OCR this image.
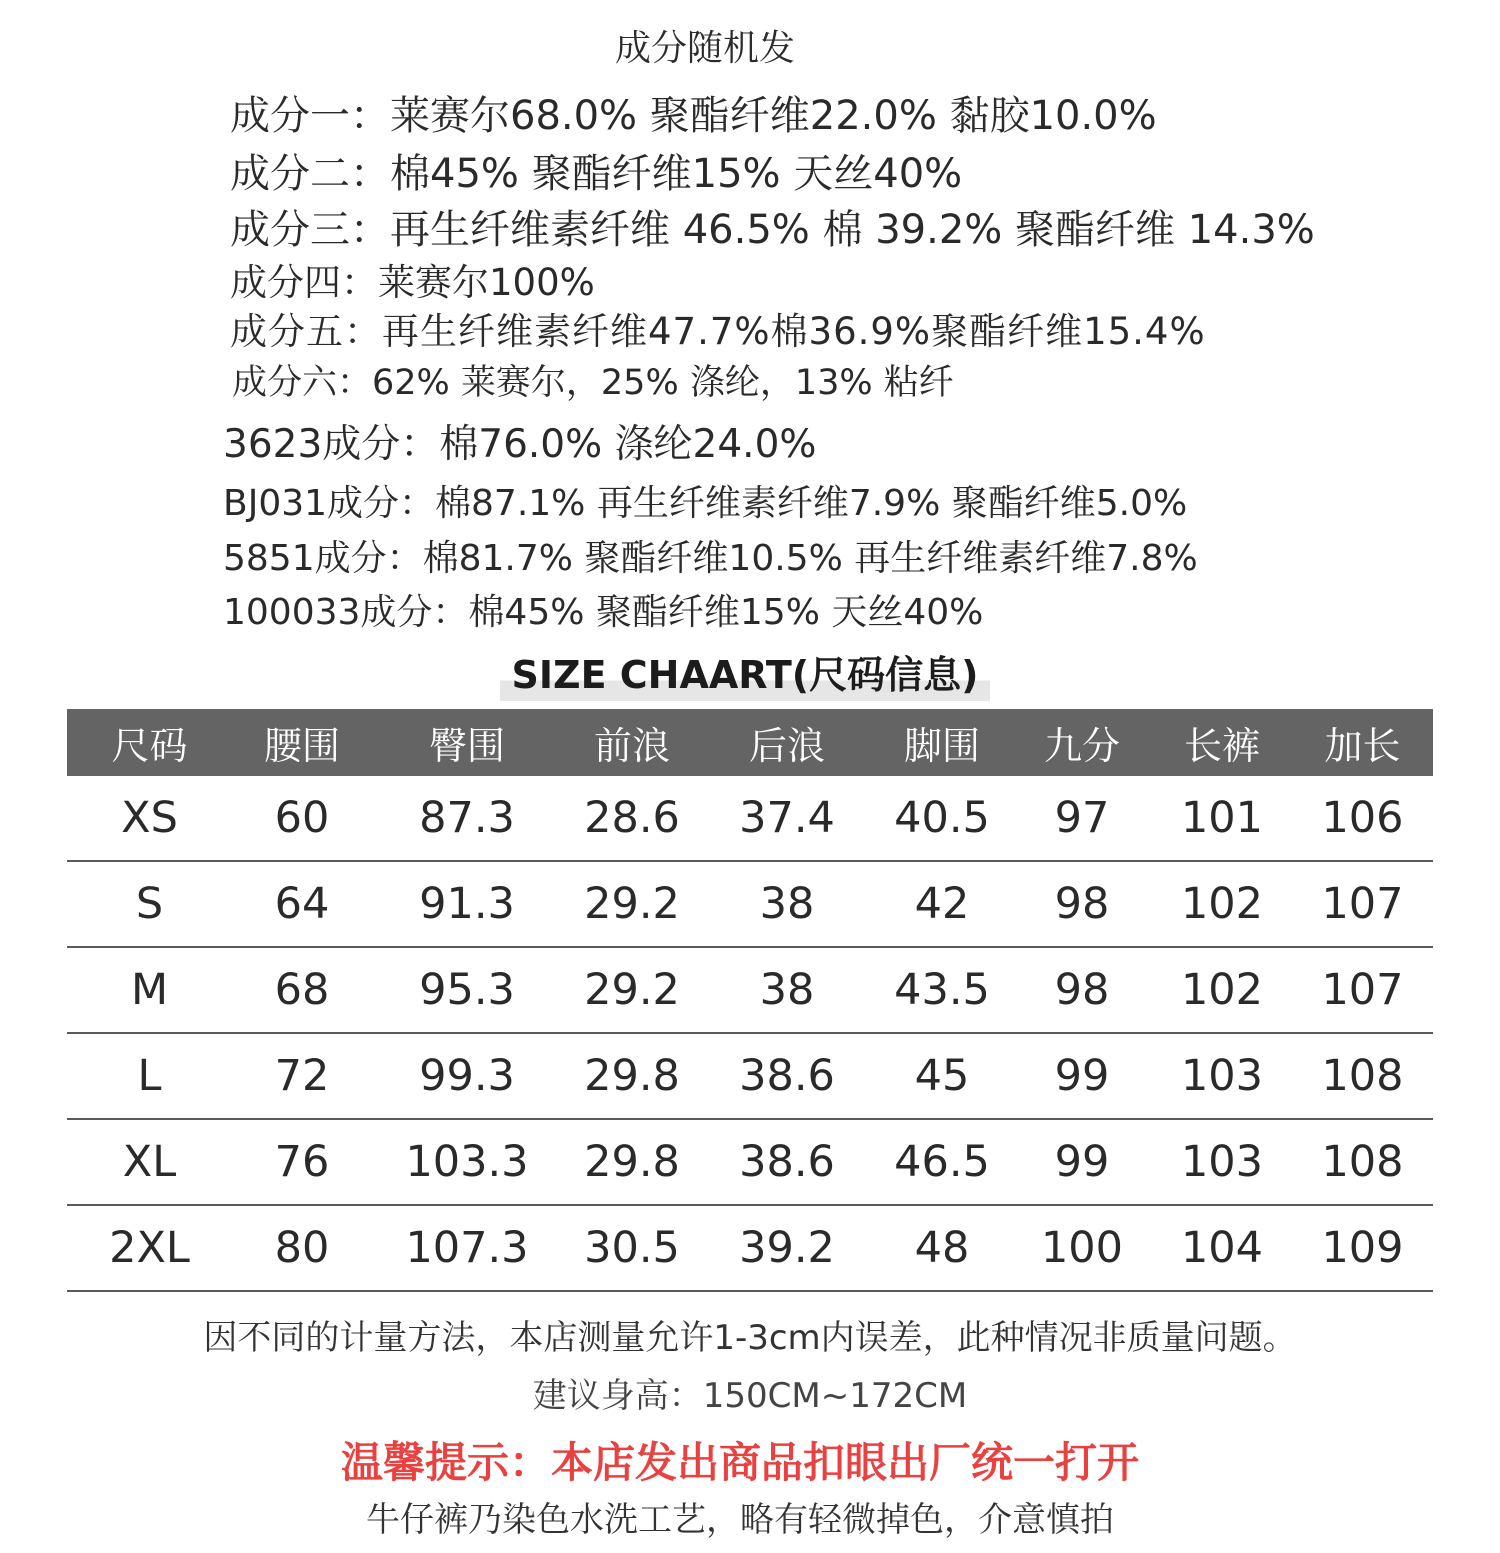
成分随机发
成分一：莱赛尔68.0% 聚酯纤维22.0% 黏胶10.0%
成分二：棉45% 聚酯纤维15% 天丝40%
成分三：再生纤维素纤维 46.5% 棉 39.2% 聚酯纤维 14.3%
成分四：莱赛尔100%
成分五：再生纤维素纤维47.7%棉36.9%聚酯纤维15.4%
成分六：62% 莱赛尔，25% 涤纶，13% 粘纤
3623成分：棉76.0% 涤纶24.0%
BJ031成分：棉87.1% 再生纤维素纤维7.9% 聚酯纤维5.0%
5851成分：棉81.7% 聚酯纤维10.5% 再生纤维素纤维7.8%
100033成分：棉45% 聚酯纤维15% 天丝40%
SIZE CHAART(尺码信息)
尺码	腰围	臀围	前浪	后浪	脚围	九分	长裤	加长
XS	60	87.3	28.6	37.4	40.5	97	101	106
S	64	91.3	29.2	38	42	98	102	107
M	68	95.3	29.2	38	43.5	98	102	107
L	72	99.3	29.8	38.6	45	99	103	108
XL	76	103.3	29.8	38.6	46.5	99	103	108
2XL	80	107.3	30.5	39.2	48	100	104	109
因不同的计量方法，本店测量允许1-3cm内误差，此种情况非质量问题。
建议身高：150CM~172CM
温馨提示：本店发出商品扣眼出厂统一打开
牛仔裤乃染色水洗工艺，略有轻微掉色，介意慎拍
